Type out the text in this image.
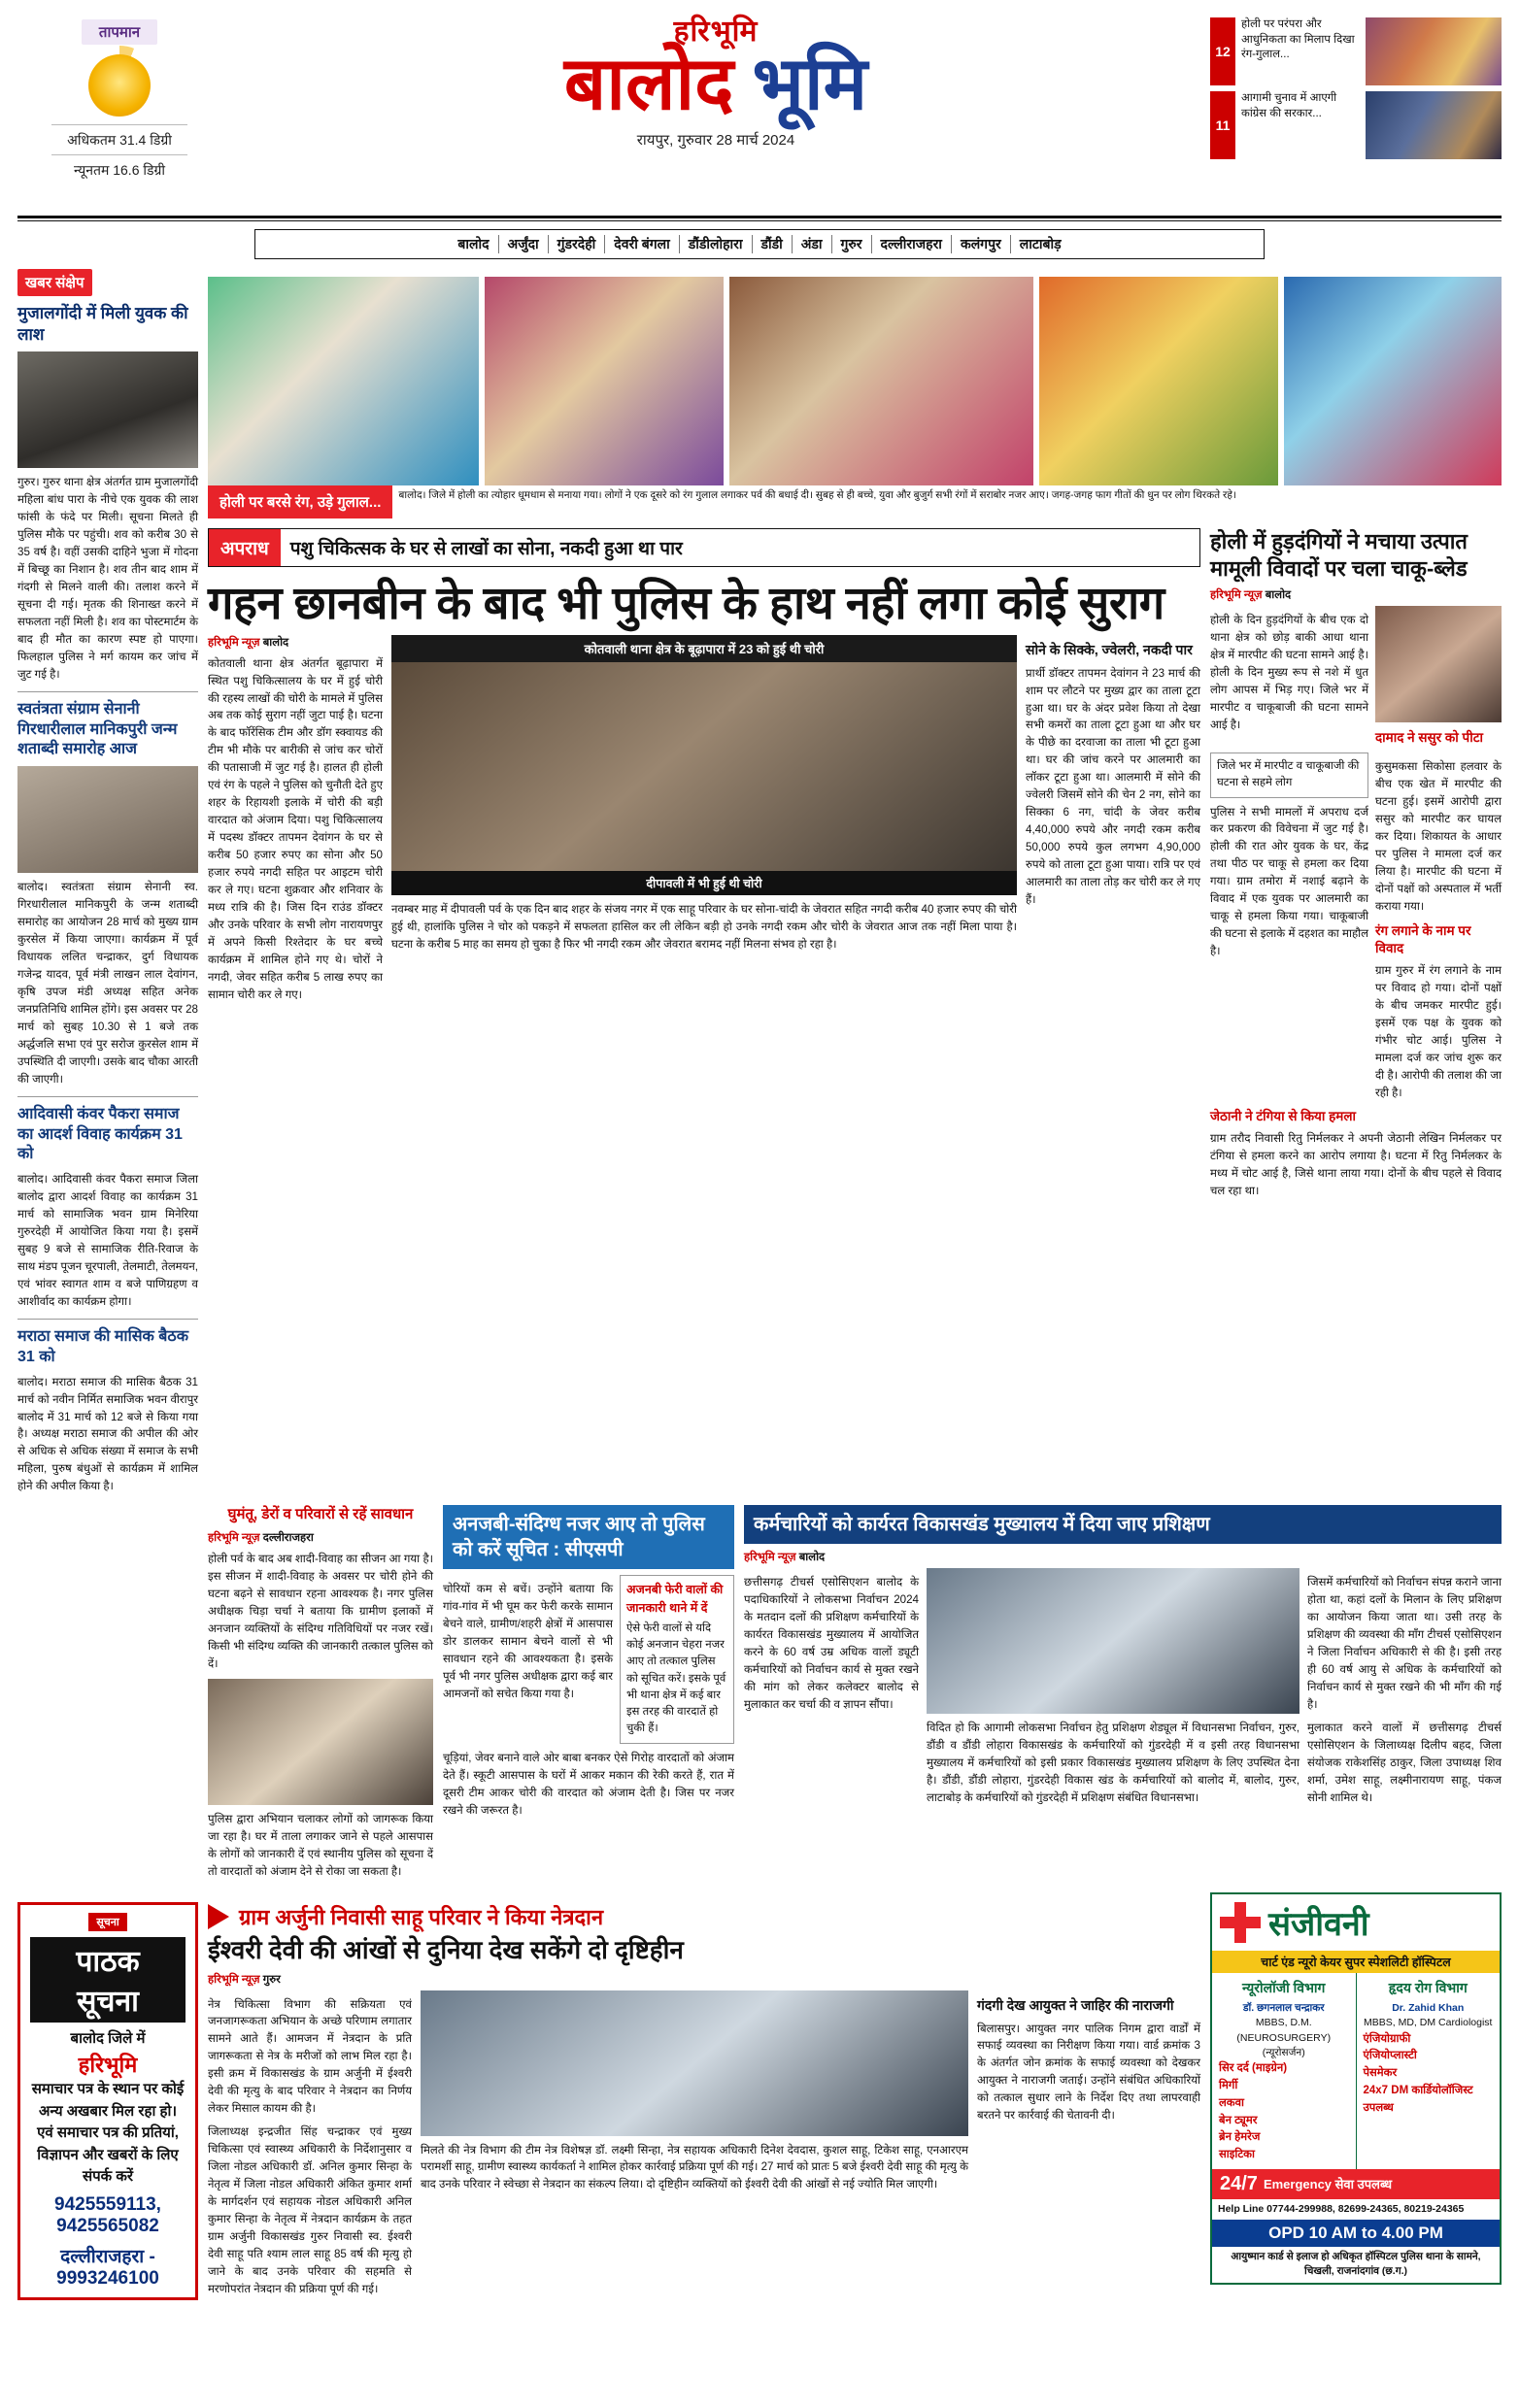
तापमान
अधिकतम 31.4 डिग्री
न्यूनतम 16.6 डिग्री
हरिभूमि
बालोद भूमि
रायपुर, गुरुवार 28 मार्च 2024
12
होली पर परंपरा और आधुनिकता का मिलाप दिखा रंग-गुलाल...
11
आगामी चुनाव में आएगी कांग्रेस की सरकार...
बालोद	अर्जुंदा	गुंडरदेही	देवरी बंगला	डौंडीलोहारा	डौंडी	अंडा	गुरुर	दल्लीराजहरा	कलंगपुर	लाटाबोड़
खबर संक्षेप
मुजालगोंदी में मिली युवक की लाश
गुरुर। गुरुर थाना क्षेत्र अंतर्गत ग्राम मुजालगोंदी महिला बांध पारा के नीचे एक युवक की लाश फांसी के फंदे पर मिली। सूचना मिलते ही पुलिस मौके पर पहुंची। शव को करीब 30 से 35 वर्ष है। वहीं उसकी दाहिने भुजा में गोदना में बिच्छू का निशान है। शव तीन बाद शाम में गंदगी से मिलने वाली की। तलाश करने में सूचना दी गई। मृतक की शिनाख्त करने में सफलता नहीं मिली है। शव का पोस्टमार्टम के बाद ही मौत का कारण स्पष्ट हो पाएगा। फिलहाल पुलिस ने मर्ग कायम कर जांच में जुट गई है।
स्वतंत्रता संग्राम सेनानी गिरधारीलाल मानिकपुरी जन्म शताब्दी समारोह आज
बालोद। स्वतंत्रता संग्राम सेनानी स्व. गिरधारीलाल मानिकपुरी के जन्म शताब्दी समारोह का आयोजन 28 मार्च को मुख्य ग्राम कुरसेल में किया जाएगा। कार्यक्रम में पूर्व विधायक ललित चन्द्राकर, दुर्ग विधायक गजेन्द्र यादव, पूर्व मंत्री लाखन लाल देवांगन, कृषि उपज मंडी अध्यक्ष सहित अनेक जनप्रतिनिधि शामिल होंगे। इस अवसर पर 28 मार्च को सुबह 10.30 से 1 बजे तक अर्द्धजलि सभा एवं पुर सरोज कुरसेल शाम में उपस्थिति दी जाएगी। उसके बाद चौका आरती की जाएगी।
आदिवासी कंवर पैकरा समाज का आदर्श विवाह कार्यक्रम 31 को
बालोद। आदिवासी कंवर पैकरा समाज जिला बालोद द्वारा आदर्श विवाह का कार्यक्रम 31 मार्च को सामाजिक भवन ग्राम मिनेरिया गुरुरदेही में आयोजित किया गया है। इसमें सुबह 9 बजे से सामाजिक रीति-रिवाज के साथ मंडप पूजन चूरपाली, तेलमाटी, तेलमयन, एवं भांवर स्वागत शाम व बजे पाणिग्रहण व आशीर्वाद का कार्यक्रम होगा।
मराठा समाज की मासिक बैठक 31 को
बालोद। मराठा समाज की मासिक बैठक 31 मार्च को नवीन निर्मित समाजिक भवन वीरापुर बालोद में 31 मार्च को 12 बजे से किया गया है। अध्यक्ष मराठा समाज की अपील की ओर से अधिक से अधिक संख्या में समाज के सभी महिला, पुरुष बंधुओं से कार्यक्रम में शामिल होने की अपील किया है।
होली पर बरसे रंग, उड़े गुलाल...	बालोद। जिले में होली का त्योहार धूमधाम से मनाया गया। लोगों ने एक दूसरे को रंग गुलाल लगाकर पर्व की बधाई दी। सुबह से ही बच्चे, युवा और बुजुर्ग सभी रंगों में सराबोर नजर आए। जगह-जगह फाग गीतों की धुन पर लोग थिरकते रहे।
अपराध	पशु चिकित्सक के घर से लाखों का सोना, नकदी हुआ था पार
गहन छानबीन के बाद भी पुलिस के हाथ नहीं लगा कोई सुराग
हरिभूमि न्यूज़ बालोद
कोतवाली थाना क्षेत्र अंतर्गत बूढ़ापारा में स्थित पशु चिकित्सालय के घर में हुई चोरी की रहस्य लाखों की चोरी के मामले में पुलिस अब तक कोई सुराग नहीं जुटा पाई है। घटना के बाद फॉरेंसिक टीम और डॉग स्क्वायड की टीम भी मौके पर बारीकी से जांच कर चोरों की पतासाजी में जुट गई है। हालत ही होली एवं रंग के पहले ने पुलिस को चुनौती देते हुए शहर के रिहायशी इलाके में चोरी की बड़ी वारदात को अंजाम दिया। पशु चिकित्सालय में पदस्थ डॉक्टर तापमन देवांगन के घर से करीब 50 हजार रुपए का सोना और 50 हजार रुपये नगदी सहित पर आइटम चोरी कर ले गए। घटना शुक्रवार और शनिवार के मध्य रात्रि की है। जिस दिन राउंड डॉक्टर और उनके परिवार के सभी लोग नारायणपुर में अपने किसी रिश्तेदार के घर बच्चे कार्यक्रम में शामिल होने गए थे। चोरों ने नगदी, जेवर सहित करीब 5 लाख रुपए का सामान चोरी कर ले गए।
कोतवाली थाना क्षेत्र के बूढ़ापारा में 23 को हुई थी चोरी
दीपावली में भी हुई थी चोरी
नवम्बर माह में दीपावली पर्व के एक दिन बाद शहर के संजय नगर में एक साहू परिवार के घर सोना-चांदी के जेवरात सहित नगदी करीब 40 हजार रुपए की चोरी हुई थी, हालांकि पुलिस ने चोर को पकड़ने में सफलता हासिल कर ली लेकिन बड़ी हो उनके नगदी रकम और चोरी के जेवरात आज तक नहीं मिला पाया है। घटना के करीब 5 माह का समय हो चुका है फिर भी नगदी रकम और जेवरात बरामद नहीं मिलना संभव हो रहा है।
सोने के सिक्के, ज्वेलरी, नकदी पार
प्रार्थी डॉक्टर तापमन देवांगन ने 23 मार्च की शाम पर लौटने पर मुख्य द्वार का ताला टूटा हुआ था। घर के अंदर प्रवेश किया तो देखा सभी कमरों का ताला टूटा हुआ था और घर के पीछे का दरवाजा का ताला भी टूटा हुआ था। घर की जांच करने पर आलमारी का लॉकर टूटा हुआ था। आलमारी में सोने की ज्वेलरी जिसमें सोने की चेन 2 नग, सोने का सिक्का 6 नग, चांदी के जेवर करीब 4,40,000 रुपये और नगदी रकम करीब 50,000 रुपये कुल लगभग 4,90,000 रुपये को ताला टूटा हुआ पाया। रात्रि पर एवं आलमारी का ताला तोड़ कर चोरी कर ले गए हैं।
होली में हुड़दंगियों ने मचाया उत्पात मामूली विवादों पर चला चाकू-ब्लेड
हरिभूमि न्यूज़ बालोद
होली के दिन हुड़दंगियों के बीच एक दो थाना क्षेत्र को छोड़ बाकी आधा थाना क्षेत्र में मारपीट की घटना सामने आई है। होली के दिन मुख्य रूप से नशे में धुत लोग आपस में भिड़ गए। जिले भर में मारपीट व चाकूबाजी की घटना सामने आई है।
दामाद ने ससुर को पीटा
जिले भर में मारपीट व चाकूबाजी की घटना से सहमे लोग
पुलिस ने सभी मामलों में अपराध दर्ज कर प्रकरण की विवेचना में जुट गई है। होली की रात ओर युवक के घर, केंद्र तथा पीठ पर चाकू से हमला कर दिया गया। ग्राम तमोरा में नशाई बढ़ाने के विवाद में एक युवक पर आलमारी का चाकू से हमला किया गया। चाकूबाजी की घटना से इलाके में दहशत का माहौल है।
कुसुमकसा सिकोसा हलवार के बीच एक खेत में मारपीट की घटना हुई। इसमें आरोपी द्वारा ससुर को मारपीट कर घायल कर दिया। शिकायत के आधार पर पुलिस ने मामला दर्ज कर लिया है। मारपीट की घटना में दोनों पक्षों को अस्पताल में भर्ती कराया गया।
रंग लगाने के नाम पर विवाद
ग्राम गुरुर में रंग लगाने के नाम पर विवाद हो गया। दोनों पक्षों के बीच जमकर मारपीट हुई। इसमें एक पक्ष के युवक को गंभीर चोट आई। पुलिस ने मामला दर्ज कर जांच शुरू कर दी है। आरोपी की तलाश की जा रही है।
जेठानी ने टंगिया से किया हमला
ग्राम तरौद निवासी रितु निर्मलकर ने अपनी जेठानी लेखिन निर्मलकर पर टंगिया से हमला करने का आरोप लगाया है। घटना में रितु निर्मलकर के मध्य में चोट आई है, जिसे थाना लाया गया। दोनों के बीच पहले से विवाद चल रहा था।
घुमंतू, डेरों व परिवारों से रहें सावधान
हरिभूमि न्यूज़ दल्लीराजहरा
होली पर्व के बाद अब शादी-विवाह का सीजन आ गया है। इस सीजन में शादी-विवाह के अवसर पर चोरी होने की घटना बढ़ने से सावधान रहना आवश्यक है। नगर पुलिस अधीक्षक चिड़ा चर्चा ने बताया कि ग्रामीण इलाकों में अनजान व्यक्तियों के संदिग्ध गतिविधियों पर नजर रखें। किसी भी संदिग्ध व्यक्ति की जानकारी तत्काल पुलिस को दें।
पुलिस द्वारा अभियान चलाकर लोगों को जागरूक किया जा रहा है। घर में ताला लगाकर जाने से पहले आसपास के लोगों को जानकारी दें एवं स्थानीय पुलिस को सूचना दें तो वारदातों को अंजाम देने से रोका जा सकता है।
अनजबी-संदिग्ध नजर आए तो पुलिस को करें सूचित : सीएसपी
चोरियों कम से बचें। उन्होंने बताया कि गांव-गांव में भी घूम कर फेरी करके सामान बेचने वाले, ग्रामीण/शहरी क्षेत्रों में आसपास डोर डालकर सामान बेचने वालों से भी सावधान रहने की आवश्यकता है। इसके पूर्व भी नगर पुलिस अधीक्षक द्वारा कई बार आमजनों को सचेत किया गया है।
अजनबी फेरी वालों की जानकारी थाने में दें
ऐसे फेरी वालों से यदि कोई अनजान चेहरा नजर आए तो तत्काल पुलिस को सूचित करें। इसके पूर्व भी थाना क्षेत्र में कई बार इस तरह की वारदातें हो चुकी हैं।
चूड़ियां, जेवर बनाने वाले ओर बाबा बनकर ऐसे गिरोह वारदातों को अंजाम देते हैं। स्कूटी आसपास के घरों में आकर मकान की रेकी करते हैं, रात में दूसरी टीम आकर चोरी की वारदात को अंजाम देती है। जिस पर नजर रखने की जरूरत है।
कर्मचारियों को कार्यरत विकासखंड मुख्यालय में दिया जाए प्रशिक्षण
हरिभूमि न्यूज़ बालोद
छत्तीसगढ़ टीचर्स एसोसिएशन बालोद के पदाधिकारियों ने लोकसभा निर्वाचन 2024 के मतदान दलों की प्रशिक्षण कर्मचारियों के कार्यरत विकासखंड मुख्यालय में आयोजित करने के 60 वर्ष उम्र अधिक वालों ड्यूटी कर्मचारियों को निर्वाचन कार्य से मुक्त रखने की मांग को लेकर कलेक्टर बालोद से मुलाकात कर चर्चा की व ज्ञापन सौंपा।
विदित हो कि आगामी लोकसभा निर्वाचन हेतु प्रशिक्षण शेड्यूल में विधानसभा निर्वाचन, गुरुर, डौंडी व डौंडी लोहारा विकासखंड के कर्मचारियों को गुंडरदेही में व इसी तरह विधानसभा मुख्यालय में कर्मचारियों को इसी प्रकार विकासखंड मुख्यालय प्रशिक्षण के लिए उपस्थित देना है। डौंडी, डौंडी लोहारा, गुंडरदेही विकास खंड के कर्मचारियों को बालोद में, बालोद, गुरुर, लाटाबोड़ के कर्मचारियों को गुंडरदेही में प्रशिक्षण संबंधित विधानसभा।
जिसमें कर्मचारियों को निर्वाचन संपन्न कराने जाना होता था, कहां दलों के मिलान के लिए प्रशिक्षण का आयोजन किया जाता था। उसी तरह के प्रशिक्षण की व्यवस्था की माँग टीचर्स एसोसिएशन ने जिला निर्वाचन अधिकारी से की है। इसी तरह ही 60 वर्ष आयु से अधिक के कर्मचारियों को निर्वाचन कार्य से मुक्त रखने की भी माँग की गई है।
मुलाकात करने वालों में छत्तीसगढ़ टीचर्स एसोसिएशन के जिलाध्यक्ष दिलीप बहद, जिला संयोजक राकेशसिंह ठाकुर, जिला उपाध्यक्ष शिव शर्मा, उमेश साहू, लक्ष्मीनारायण साहू, पंकज सोनी शामिल थे।
सूचना पाठक सूचना
बालोद जिले में
हरिभूमि
समाचार पत्र के स्थान पर कोई अन्य अखबार मिल रहा हो। एवं समाचार पत्र की प्रतियां, विज्ञापन और खबरों के लिए संपर्क करें
9425559113, 9425565082
दल्लीराजहरा - 9993246100
ग्राम अर्जुनी निवासी साहू परिवार ने किया नेत्रदान
ईश्वरी देवी की आंखों से दुनिया देख सकेंगे दो दृष्टिहीन
हरिभूमि न्यूज़ गुरुर
नेत्र चिकित्सा विभाग की सक्रियता एवं जनजागरूकता अभियान के अच्छे परिणाम लगातार सामने आते हैं। आमजन में नेत्रदान के प्रति जागरूकता से नेत्र के मरीजों को लाभ मिल रहा है। इसी क्रम में विकासखंड के ग्राम अर्जुनी में ईश्वरी देवी की मृत्यु के बाद परिवार ने नेत्रदान का निर्णय लेकर मिसाल कायम की है।
जिलाध्यक्ष इन्द्रजीत सिंह चन्द्राकर एवं मुख्य चिकित्सा एवं स्वास्थ्य अधिकारी के निर्देशानुसार व जिला नोडल अधिकारी डॉ. अनिल कुमार सिन्हा के नेतृत्व में जिला नोडल अधिकारी अंकित कुमार शर्मा के मार्गदर्शन एवं सहायक नोडल अधिकारी अनिल कुमार सिन्हा के नेतृत्व में नेत्रदान कार्यक्रम के तहत ग्राम अर्जुनी विकासखंड गुरुर निवासी स्व. ईश्वरी देवी साहू पति श्याम लाल साहू 85 वर्ष की मृत्यु हो जाने के बाद उनके परिवार की सहमति से मरणोपरांत नेत्रदान की प्रक्रिया पूर्ण की गई।
मिलते की नेत्र विभाग की टीम नेत्र विशेषज्ञ डॉ. लक्ष्मी सिन्हा, नेत्र सहायक अधिकारी दिनेश देवदास, कुशल साहू, टिकेश साहू, एनआरएम परामर्शी साहू, ग्रामीण स्वास्थ्य कार्यकर्ता ने शामिल होकर कार्रवाई प्रक्रिया पूर्ण की गई। 27 मार्च को प्रातः 5 बजे ईश्वरी देवी साहू की मृत्यु के बाद उनके परिवार ने स्वेच्छा से नेत्रदान का संकल्प लिया। दो दृष्टिहीन व्यक्तियों को ईश्वरी देवी की आंखों से नई ज्योति मिल जाएगी।
गंदगी देख आयुक्त ने जाहिर की नाराजगी
बिलासपुर। आयुक्त नगर पालिक निगम द्वारा वार्डों में सफाई व्यवस्था का निरीक्षण किया गया। वार्ड क्रमांक 3 के अंतर्गत जोन क्रमांक के सफाई व्यवस्था को देखकर आयुक्त ने नाराजगी जताई। उन्होंने संबंधित अधिकारियों को तत्काल सुधार लाने के निर्देश दिए तथा लापरवाही बरतने पर कार्रवाई की चेतावनी दी।
संजीवनी
चार्ट एंड न्यूरो केयर सुपर स्पेशलिटी हॉस्पिटल
न्यूरोलॉजी विभाग
डॉ. छगनलाल चन्द्राकर
MBBS, D.M. (NEUROSURGERY)
(न्यूरोसर्जन)
सिर दर्द (माइग्रेन)
मिर्गी
लकवा
बेन ट्यूमर
ब्रेन हेमरेज
साइटिका
हृदय रोग विभाग
Dr. Zahid Khan
MBBS, MD, DM Cardiologist
एंजियोग्राफी
एंजियोप्लास्टी
पेसमेकर
24x7 DM कार्डियोलॉजिस्ट उपलब्ध
24/7 Emergency सेवा उपलब्ध
Help Line 07744-299988, 82699-24365, 80219-24365
OPD 10 AM to 4.00 PM
आयुष्मान कार्ड से इलाज हो अधिकृत हॉस्पिटल पुलिस थाना के सामने, चिखली, राजनांदगांव (छ.ग.)
